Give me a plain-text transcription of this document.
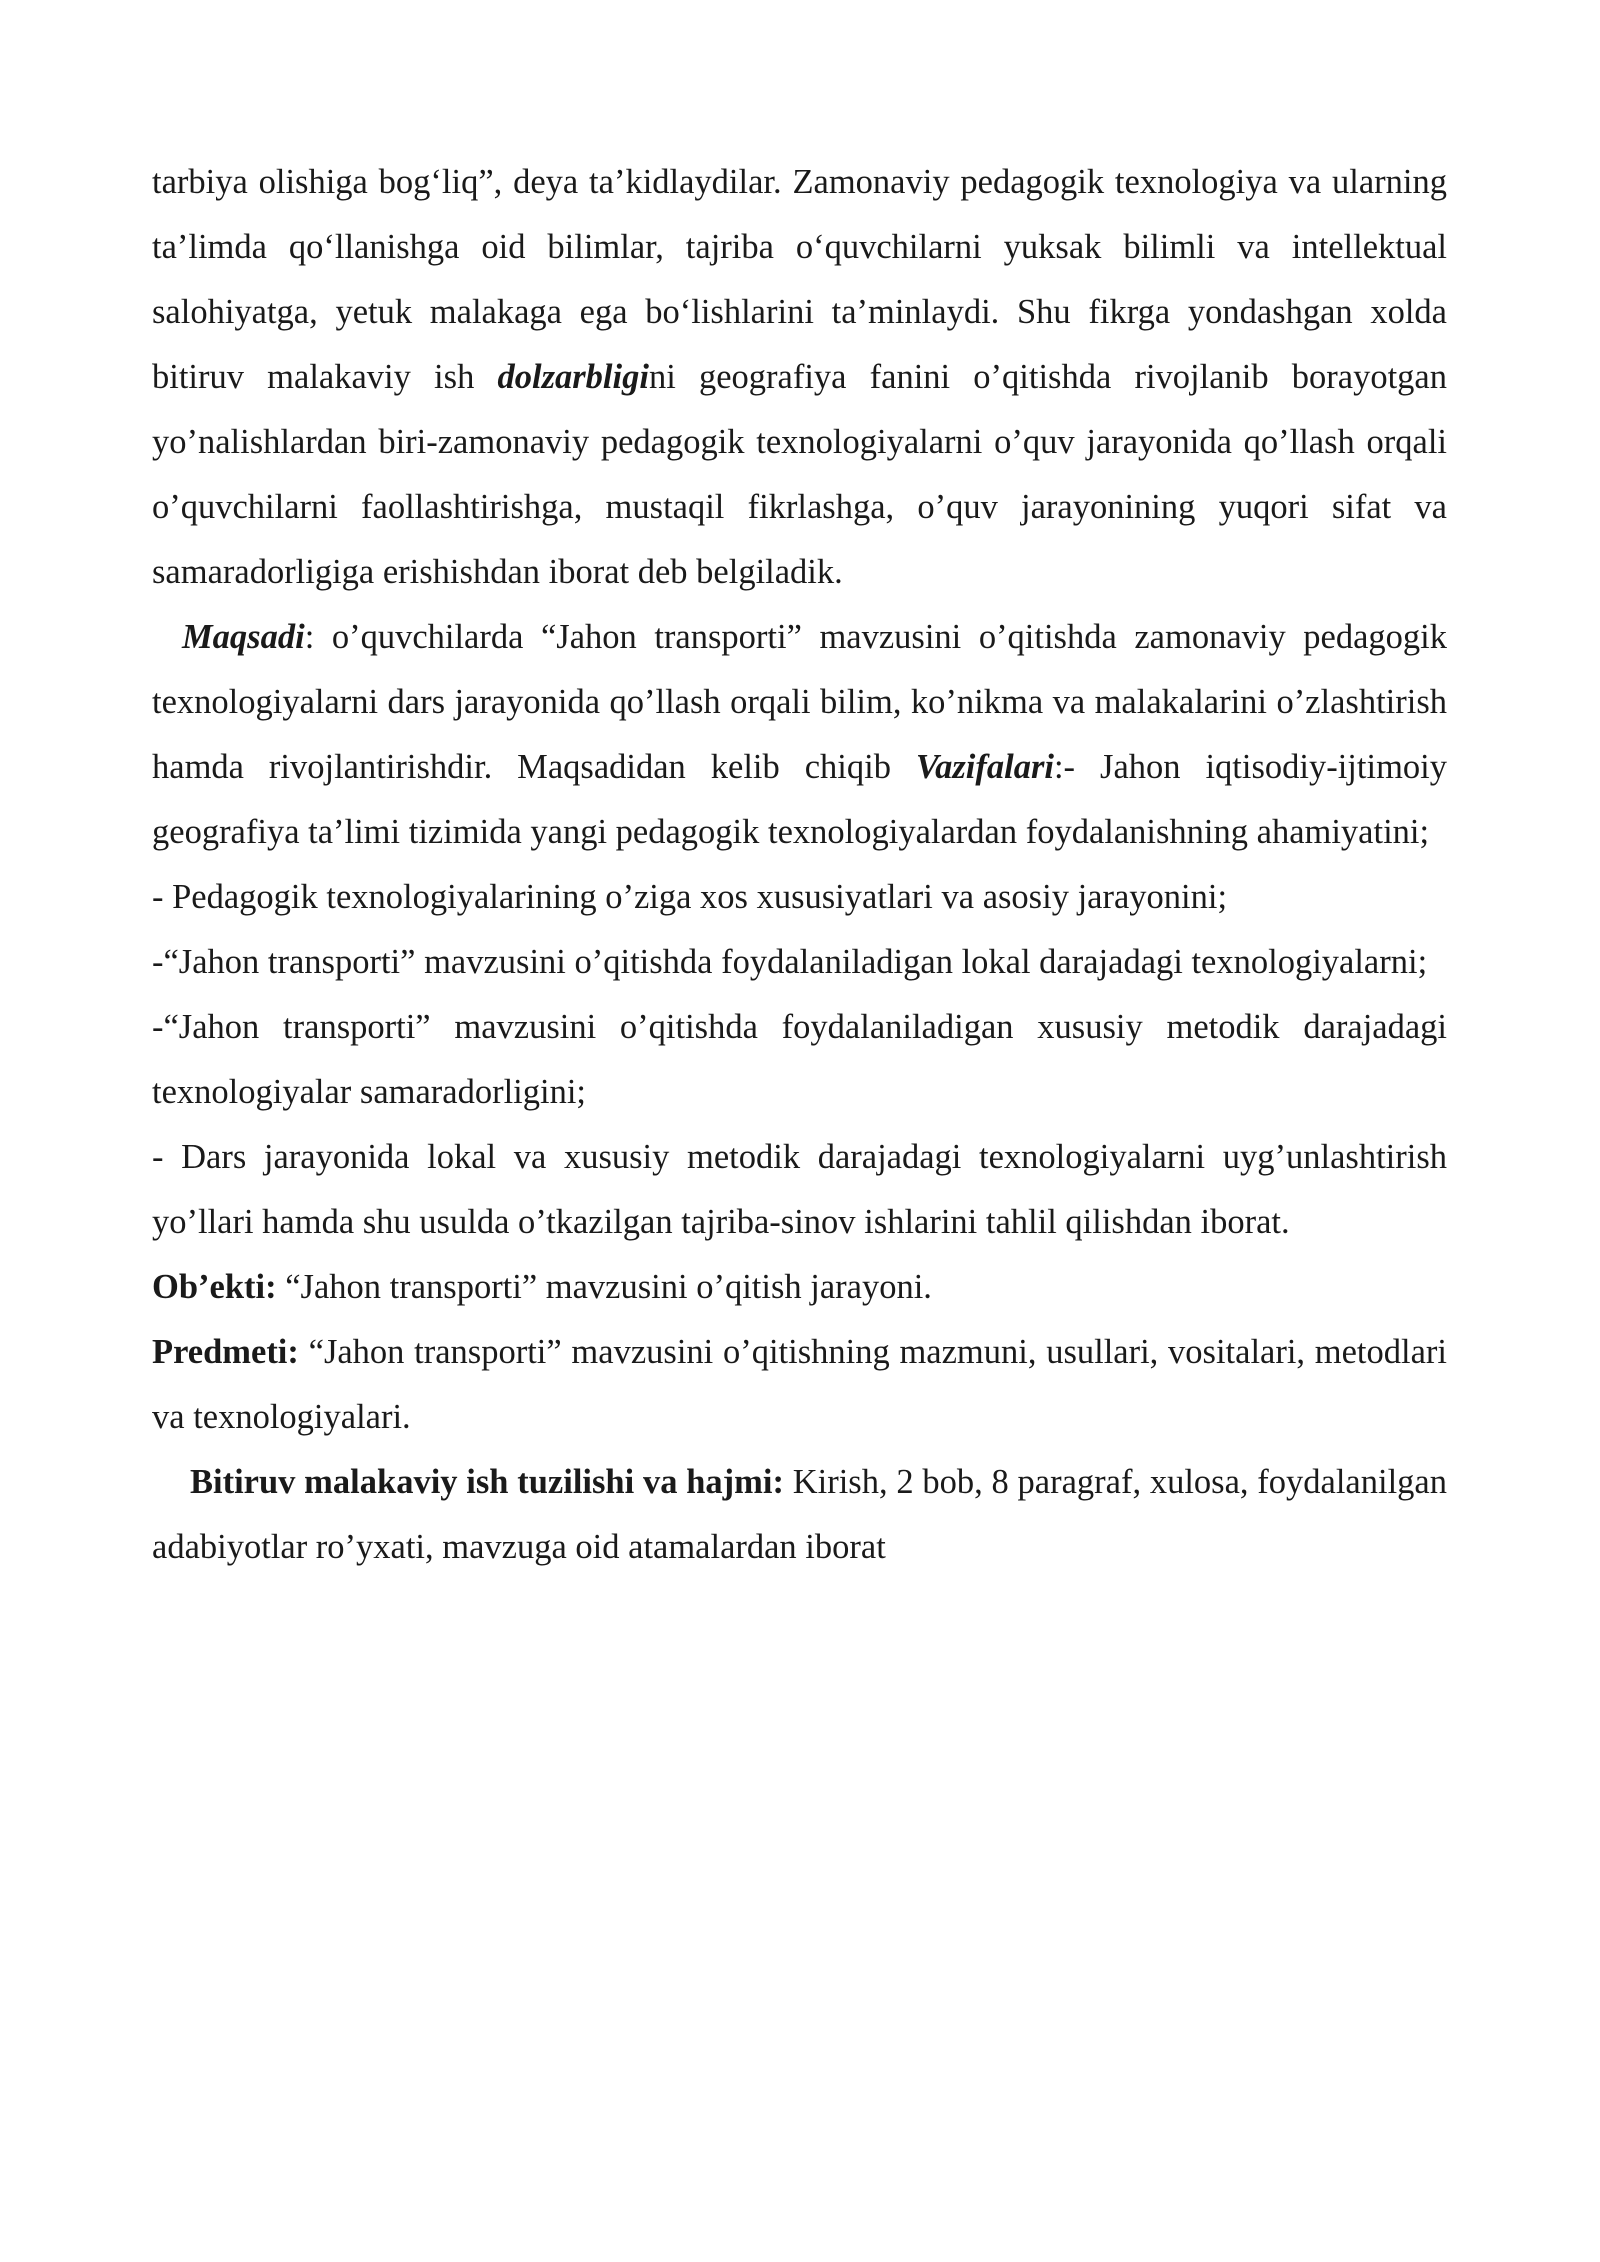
tarbiya olishiga bog‘liq”, deya ta’kidlaydilar. Zamonaviy pedagogik texnologiya va ularning ta’limda qo‘llanishga oid bilimlar, tajriba o‘quvchilarni yuksak bilimli va intellektual salohiyatga, yetuk malakaga ega bo‘lishlarini ta’minlaydi. Shu fikrga yondashgan xolda bitiruv malakaviy ish dolzarbligini geografiya fanini o’qitishda rivojlanib borayotgan yo’nalishlardan biri-zamonaviy pedagogik texnologiyalarni o’quv jarayonida qo’llash orqali o’quvchilarni faollashtirishga, mustaqil fikrlashga, o’quv jarayonining yuqori sifat va samaradorligiga erishishdan iborat deb belgiladik.

Maqsadi: o’quvchilarda “Jahon transporti” mavzusini o’qitishda zamonaviy pedagogik texnologiyalarni dars jarayonida qo’llash orqali bilim, ko’nikma va malakalarini o’zlashtirish hamda rivojlantirishdir. Maqsadidan kelib chiqib Vazifalari:- Jahon iqtisodiy-ijtimoiy geografiya ta’limi tizimida yangi pedagogik texnologiyalardan foydalanishning ahamiyatini;

- Pedagogik texnologiyalarining o’ziga xos xususiyatlari va asosiy jarayonini;

-“Jahon transporti” mavzusini o’qitishda foydalaniladigan lokal darajadagi texnologiyalarni;

-“Jahon transporti” mavzusini o’qitishda foydalaniladigan xususiy metodik darajadagi texnologiyalar samaradorligini;

- Dars jarayonida lokal va xususiy metodik darajadagi texnologiyalarni uyg’unlashtirish yo’llari hamda shu usulda o’tkazilgan tajriba-sinov ishlarini tahlil qilishdan iborat.

Ob’ekti: “Jahon transporti” mavzusini o’qitish jarayoni.

Predmeti: “Jahon transporti” mavzusini o’qitishning mazmuni, usullari, vositalari, metodlari va texnologiyalari.

Bitiruv malakaviy ish tuzilishi va hajmi: Kirish, 2 bob, 8 paragraf, xulosa, foydalanilgan adabiyotlar ro’yxati, mavzuga oid atamalardan iborat
